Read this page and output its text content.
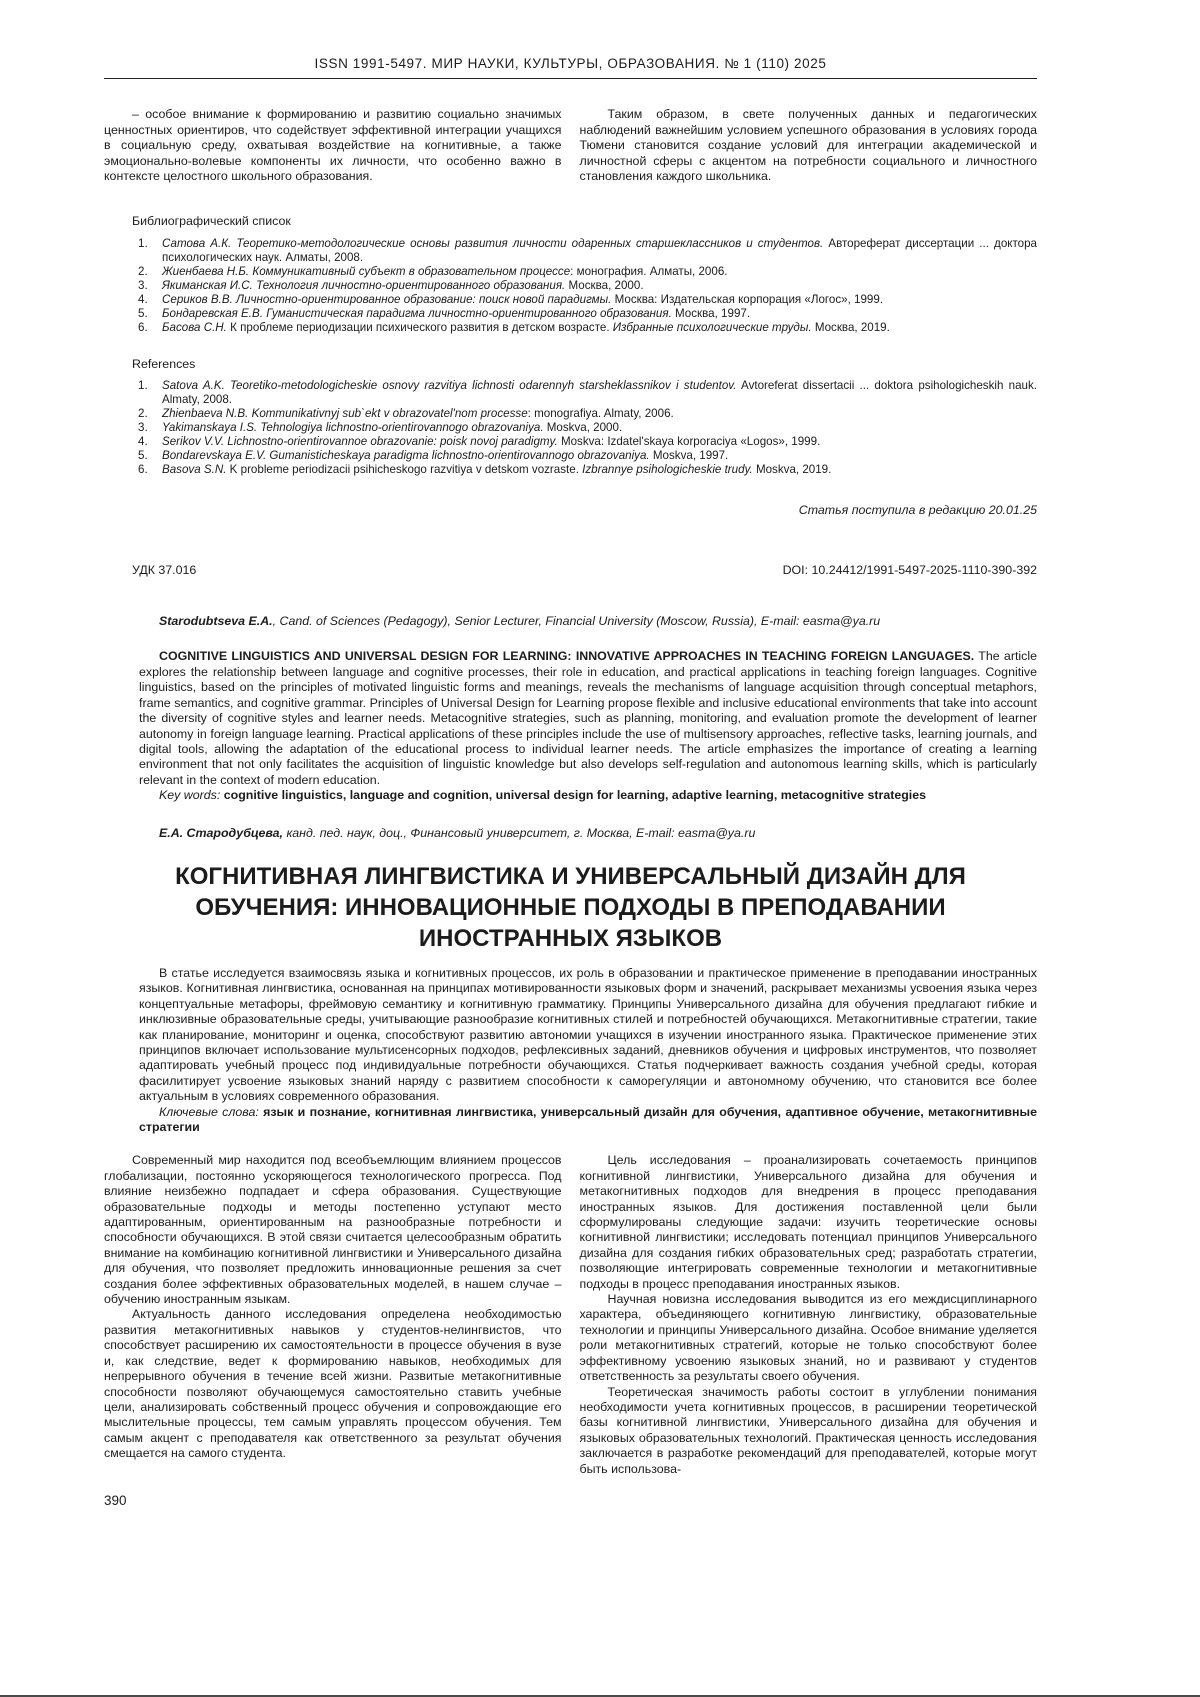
ISSN 1991-5497. МИР НАУКИ, КУЛЬТУРЫ, ОБРАЗОВАНИЯ. № 1 (110) 2025

– особое внимание к формированию и развитию социально значимых ценностных ориентиров, что содействует эффективной интеграции учащихся в социальную среду, охватывая воздействие на когнитивные, а также эмоционально-волевые компоненты их личности, что особенно важно в контексте целостного школьного образования.

Таким образом, в свете полученных данных и педагогических наблюдений важнейшим условием успешного образования в условиях города Тюмени становится создание условий для интеграции академической и личностной сферы с акцентом на потребности социального и личностного становления каждого школьника.

Библиографический список

Сатова А.К. Теоретико-методологические основы развития личности одаренных старшеклассников и студентов. Автореферат диссертации ... доктора психологических наук. Алматы, 2008.
Жиенбаева Н.Б. Коммуникативный субъект в образовательном процессе: монография. Алматы, 2006.
Якиманская И.С. Технология личностно-ориентированного образования. Москва, 2000.
Сериков В.В. Личностно-ориентированное образование: поиск новой парадигмы. Москва: Издательская корпорация «Логос», 1999.
Бондаревская Е.В. Гуманистическая парадигма личностно-ориентированного образования. Москва, 1997.
Басова С.Н. К проблеме периодизации психического развития в детском возрасте. Избранные психологические труды. Москва, 2019.

References

Satova A.K. Teoretiko-metodologicheskie osnovy razvitiya lichnosti odarennyh starsheklassnikov i studentov. Avtoreferat dissertacii ... doktora psihologicheskih nauk. Almaty, 2008.
Zhienbaeva N.B. Kommunikativnyj sub`ekt v obrazovatel'nom processe: monografiya. Almaty, 2006.
Yakimanskaya I.S. Tehnologiya lichnostno-orientirovannogo obrazovaniya. Moskva, 2000.
Serikov V.V. Lichnostno-orientirovannoe obrazovanie: poisk novoj paradigmy. Moskva: Izdatel'skaya korporaciya «Logos», 1999.
Bondarevskaya E.V. Gumanisticheskaya paradigma lichnostno-orientirovannogo obrazovaniya. Moskva, 1997.
Basova S.N. K probleme periodizacii psihicheskogo razvitiya v detskom vozraste. Izbrannye psihologicheskie trudy. Moskva, 2019.

Статья поступила в редакцию 20.01.25

УДК 37.016	DOI: 10.24412/1991-5497-2025-1110-390-392

Starodubtseva E.A., Cand. of Sciences (Pedagogy), Senior Lecturer, Financial University (Moscow, Russia), E-mail: easma@ya.ru

COGNITIVE LINGUISTICS AND UNIVERSAL DESIGN FOR LEARNING: INNOVATIVE APPROACHES IN TEACHING FOREIGN LANGUAGES. The article explores the relationship between language and cognitive processes, their role in education, and practical applications in teaching foreign languages. Cognitive linguistics, based on the principles of motivated linguistic forms and meanings, reveals the mechanisms of language acquisition through conceptual metaphors, frame semantics, and cognitive grammar. Principles of Universal Design for Learning propose flexible and inclusive educational environments that take into account the diversity of cognitive styles and learner needs. Metacognitive strategies, such as planning, monitoring, and evaluation promote the development of learner autonomy in foreign language learning. Practical applications of these principles include the use of multisensory approaches, reflective tasks, learning journals, and digital tools, allowing the adaptation of the educational process to individual learner needs. The article emphasizes the importance of creating a learning environment that not only facilitates the acquisition of linguistic knowledge but also develops self-regulation and autonomous learning skills, which is particularly relevant in the context of modern education.

Key words: cognitive linguistics, language and cognition, universal design for learning, adaptive learning, metacognitive strategies

Е.А. Стародубцева, канд. пед. наук, доц., Финансовый университет, г. Москва, E-mail: easma@ya.ru

КОГНИТИВНАЯ ЛИНГВИСТИКА И УНИВЕРСАЛЬНЫЙ ДИЗАЙН ДЛЯ ОБУЧЕНИЯ: ИННОВАЦИОННЫЕ ПОДХОДЫ В ПРЕПОДАВАНИИ ИНОСТРАННЫХ ЯЗЫКОВ

В статье исследуется взаимосвязь языка и когнитивных процессов, их роль в образовании и практическое применение в преподавании иностранных языков. Когнитивная лингвистика, основанная на принципах мотивированности языковых форм и значений, раскрывает механизмы усвоения языка через концептуальные метафоры, фреймовую семантику и когнитивную грамматику. Принципы Универсального дизайна для обучения предлагают гибкие и инклюзивные образовательные среды, учитывающие разнообразие когнитивных стилей и потребностей обучающихся. Метакогнитивные стратегии, такие как планирование, мониторинг и оценка, способствуют развитию автономии учащихся в изучении иностранного языка. Практическое применение этих принципов включает использование мультисенсорных подходов, рефлексивных заданий, дневников обучения и цифровых инструментов, что позволяет адаптировать учебный процесс под индивидуальные потребности обучающихся. Статья подчеркивает важность создания учебной среды, которая фасилитирует усвоение языковых знаний наряду с развитием способности к саморегуляции и автономному обучению, что становится все более актуальным в условиях современного образования.

Ключевые слова: язык и познание, когнитивная лингвистика, универсальный дизайн для обучения, адаптивное обучение, метакогнитивные стратегии

Современный мир находится под всеобъемлющим влиянием процессов глобализации, постоянно ускоряющегося технологического прогресса. Под влияние неизбежно подпадает и сфера образования. Существующие образовательные подходы и методы постепенно уступают место адаптированным, ориентированным на разнообразные потребности и способности обучающихся. В этой связи считается целесообразным обратить внимание на комбинацию когнитивной лингвистики и Универсального дизайна для обучения, что позволяет предложить инновационные решения за счет создания более эффективных образовательных моделей, в нашем случае – обучению иностранным языкам.

Актуальность данного исследования определена необходимостью развития метакогнитивных навыков у студентов-нелингвистов, что способствует расширению их самостоятельности в процессе обучения в вузе и, как следствие, ведет к формированию навыков, необходимых для непрерывного обучения в течение всей жизни. Развитые метакогнитивные способности позволяют обучающемуся самостоятельно ставить учебные цели, анализировать собственный процесс обучения и сопровождающие его мыслительные процессы, тем самым управлять процессом обучения. Тем самым акцент с преподавателя как ответственного за результат обучения смещается на самого студента.

Цель исследования – проанализировать сочетаемость принципов когнитивной лингвистики, Универсального дизайна для обучения и метакогнитивных подходов для внедрения в процесс преподавания иностранных языков. Для достижения поставленной цели были сформулированы следующие задачи: изучить теоретические основы когнитивной лингвистики; исследовать потенциал принципов Универсального дизайна для создания гибких образовательных сред; разработать стратегии, позволяющие интегрировать современные технологии и метакогнитивные подходы в процесс преподавания иностранных языков.

Научная новизна исследования выводится из его междисциплинарного характера, объединяющего когнитивную лингвистику, образовательные технологии и принципы Универсального дизайна. Особое внимание уделяется роли метакогнитивных стратегий, которые не только способствуют более эффективному усвоению языковых знаний, но и развивают у студентов ответственность за результаты своего обучения.

Теоретическая значимость работы состоит в углублении понимания необходимости учета когнитивных процессов, в расширении теоретической базы когнитивной лингвистики, Универсального дизайна для обучения и языковых образовательных технологий. Практическая ценность исследования заключается в разработке рекомендаций для преподавателей, которые могут быть использова-

390
